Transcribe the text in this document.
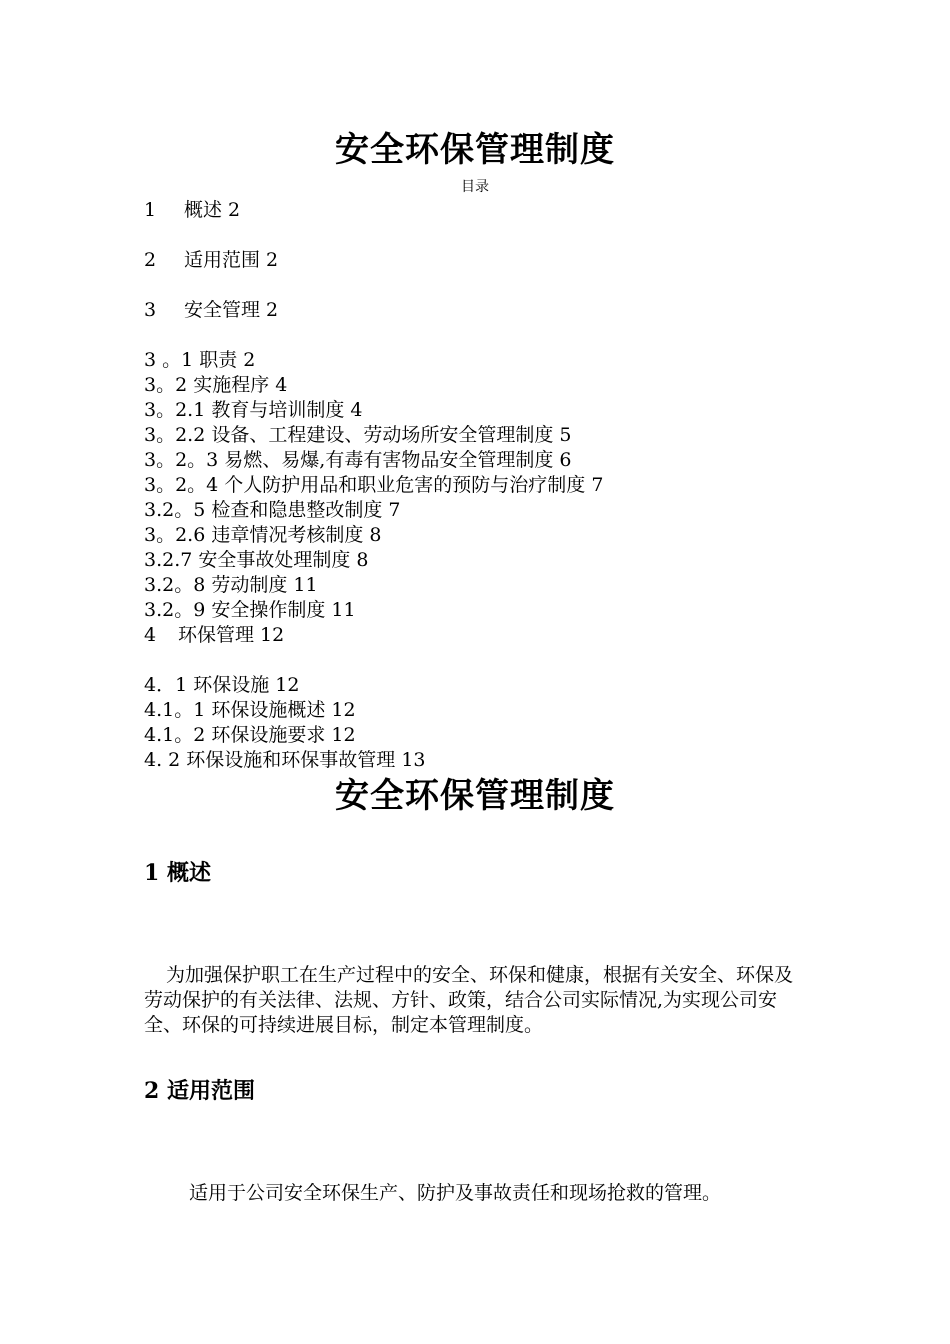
安全环保管理制度
目录
1 概述 2
2 适用范围 2
3 安全管理 2
3 。1 职责 2
3。2 实施程序 4
3。2.1 教育与培训制度 4
3。2.2 设备、工程建设、劳动场所安全管理制度 5
3。2。3 易燃、易爆,有毒有害物品安全管理制度 6
3。2。4 个人防护用品和职业危害的预防与治疗制度 7
3.2。5 检查和隐患整改制度 7
3。2.6 违章情况考核制度 8
3.2.7 安全事故处理制度 8
3.2。8 劳动制度 11
3.2。9 安全操作制度 11
4 环保管理 12
4．1 环保设施 12
4.1。1 环保设施概述 12
4.1。2 环保设施要求 12
4. 2 环保设施和环保事故管理 13
安全环保管理制度
1 概述

为加强保护职工在生产过程中的安全、环保和健康，根据有关安全、环保及劳动保护的有关法律、法规、方针、政策，结合公司实际情况,为实现公司安全、环保的可持续进展目标，制定本管理制度。

2 适用范围

适用于公司安全环保生产、防护及事故责任和现场抢救的管理。
